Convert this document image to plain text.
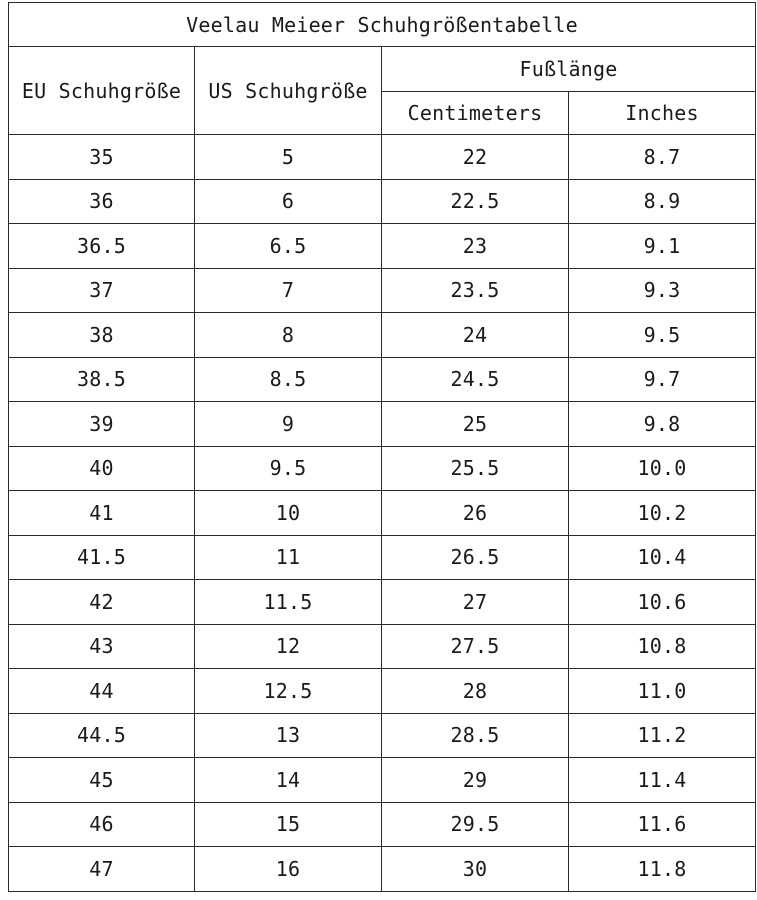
Veelau Meieer Schuhgrößentabelle			
EU Schuhgröße	US Schuhgröße	Fußlänge	
		Centimeters	Inches
35	5	22	8.7
36	6	22.5	8.9
36.5	6.5	23	9.1
37	7	23.5	9.3
38	8	24	9.5
38.5	8.5	24.5	9.7
39	9	25	9.8
40	9.5	25.5	10.0
41	10	26	10.2
41.5	11	26.5	10.4
42	11.5	27	10.6
43	12	27.5	10.8
44	12.5	28	11.0
44.5	13	28.5	11.2
45	14	29	11.4
46	15	29.5	11.6
47	16	30	11.8
